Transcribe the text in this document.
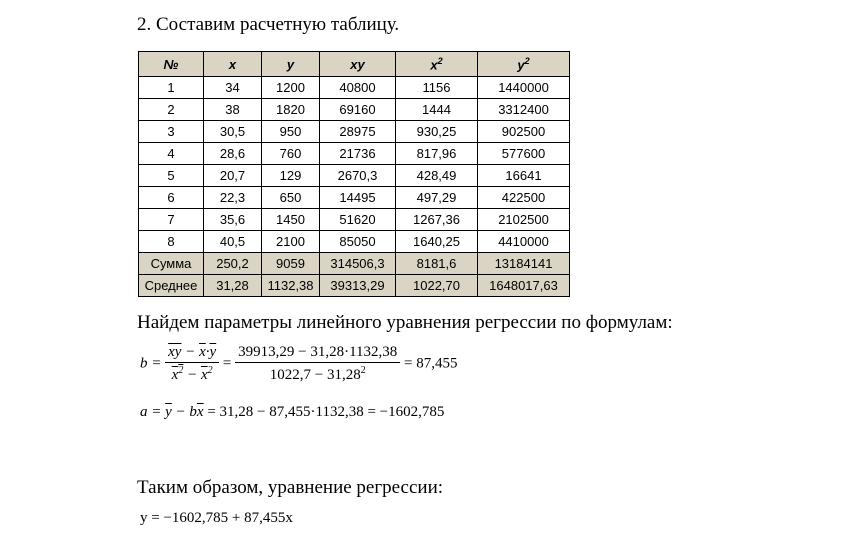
2. Составим расчетную таблицу.
№	x	y	xy	$x^2$	$y^2$
1	34	1200	40800	1156	1440000
2	38	1820	69160	1444	3312400
3	30,5	950	28975	930,25	902500
4	28,6	760	21736	817,96	577600
5	20,7	129	2670,3	428,49	16641
6	22,3	650	14495	497,29	422500
7	35,6	1450	51620	1267,36	2102500
8	40,5	2100	85050	1640,25	4410000
Сумма	250,2	9059	314506,3	8181,6	13184141
Среднее	31,28	1132,38	39313,29	1022,70	1648017,63
Найдем параметры линейного уравнения регрессии по формулам:
$b = \frac{\overline{xy} - \overline{x}\cdot\overline{y}}{x^2 - \overline{x}^2} = \frac{39913,29 - 31,28\cdot 1132,38}{1022,7 - 31,28^2} = 87,455$
$a = \overline{y} - b\overline{x} = 31,28 - 87,455\cdot 1132,38 = -1602,785$
Таким образом, уравнение регрессии:
y = −1602,785 + 87,455x
